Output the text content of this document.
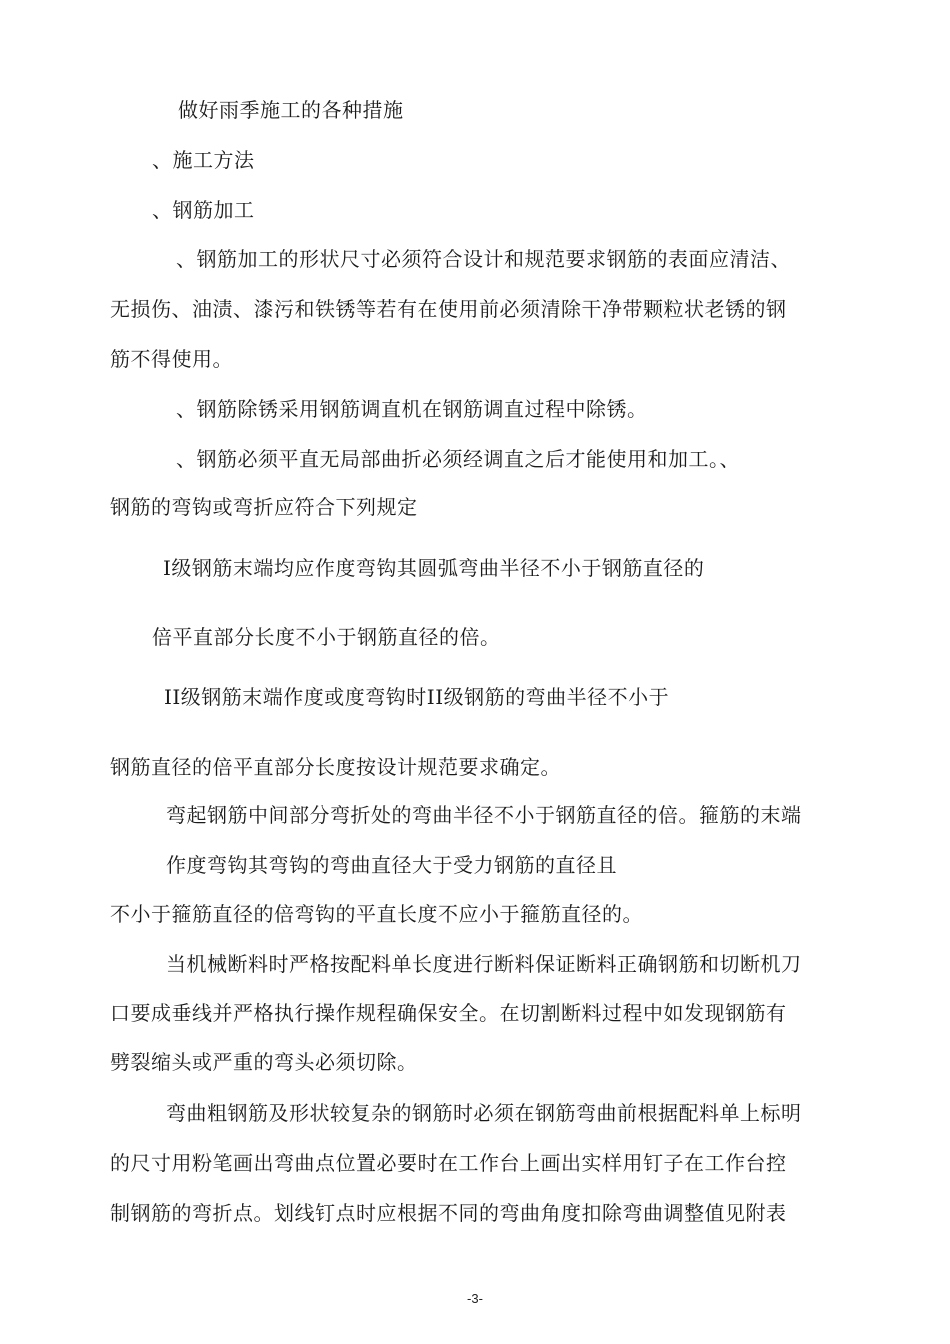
做好雨季施工的各种措施
、施工方法
、钢筋加工
、钢筋加工的形状尺寸必须符合设计和规范要求钢筋的表面应清洁、
无损伤、油渍、漆污和铁锈等若有在使用前必须清除干净带颗粒状老锈的钢
筋不得使用。
、钢筋除锈采用钢筋调直机在钢筋调直过程中除锈。
、钢筋必须平直无局部曲折必须经调直之后才能使用和加工。、
钢筋的弯钩或弯折应符合下列规定
I级钢筋末端均应作度弯钩其圆弧弯曲半径不小于钢筋直径的
倍平直部分长度不小于钢筋直径的倍。
II级钢筋末端作度或度弯钩时II级钢筋的弯曲半径不小于
钢筋直径的倍平直部分长度按设计规范要求确定。
弯起钢筋中间部分弯折处的弯曲半径不小于钢筋直径的倍。箍筋的末端
作度弯钩其弯钩的弯曲直径大于受力钢筋的直径且
不小于箍筋直径的倍弯钩的平直长度不应小于箍筋直径的。
当机械断料时严格按配料单长度进行断料保证断料正确钢筋和切断机刀
口要成垂线并严格执行操作规程确保安全。在切割断料过程中如发现钢筋有
劈裂缩头或严重的弯头必须切除。
弯曲粗钢筋及形状较复杂的钢筋时必须在钢筋弯曲前根据配料单上标明
的尺寸用粉笔画出弯曲点位置必要时在工作台上画出实样用钉子在工作台控
制钢筋的弯折点。划线钉点时应根据不同的弯曲角度扣除弯曲调整值见附表
-3-
